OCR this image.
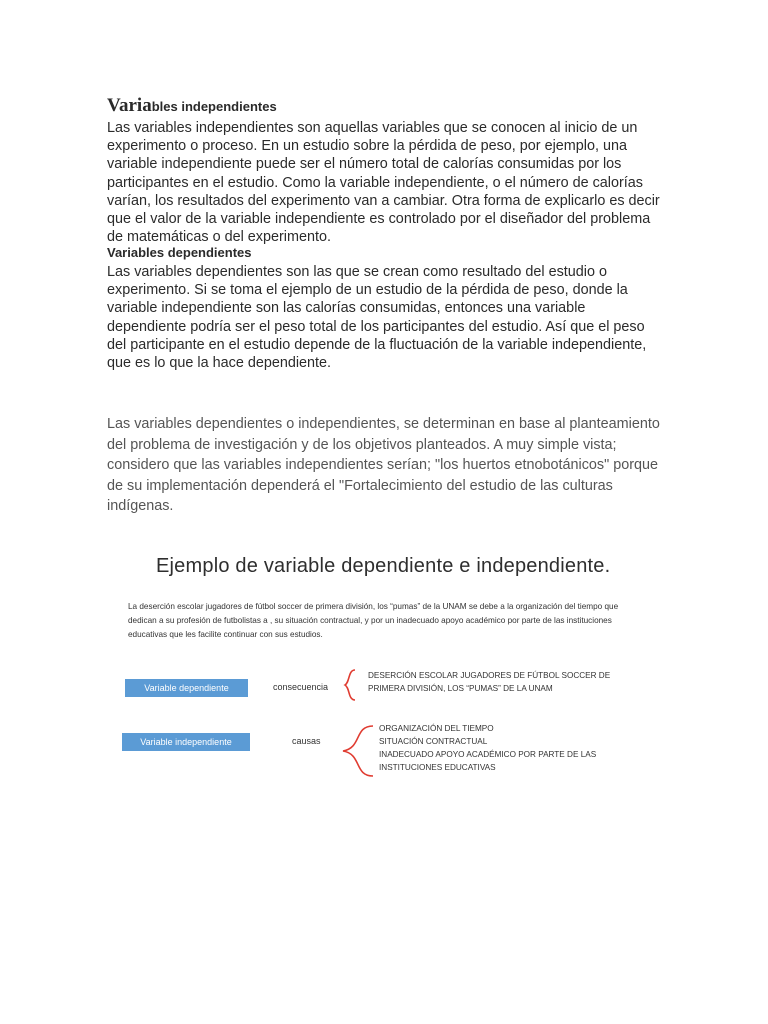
Variables independientes
Las variables independientes son aquellas variables que se conocen al inicio de un experimento o proceso. En un estudio sobre la pérdida de peso, por ejemplo, una variable independiente puede ser el número total de calorías consumidas por los participantes en el estudio. Como la variable independiente, o el número de calorías varían, los resultados del experimento van a cambiar. Otra forma de explicarlo es decir que el valor de la variable independiente es controlado por el diseñador del problema de matemáticas o del experimento.
Variables dependientes
Las variables dependientes son las que se crean como resultado del estudio o experimento. Si se toma el ejemplo de un estudio de la pérdida de peso, donde la variable independiente son las calorías consumidas, entonces una variable dependiente podría ser el peso total de los participantes del estudio. Así que el peso del participante en el estudio depende de la fluctuación de la variable independiente, que es lo que la hace dependiente.
Las variables dependientes o independientes, se determinan en base al planteamiento del problema de investigación y de los objetivos planteados. A muy simple vista; considero que las variables independientes serían; "los huertos etnobotánicos" porque de su implementación dependerá el "Fortalecimiento del estudio de las culturas indígenas.
Ejemplo de variable dependiente e independiente.
La deserción escolar jugadores de fútbol soccer de primera división, los “pumas” de la UNAM se debe a la organización del tiempo que dedican a su profesión de futbolistas a , su situación contractual, y por un inadecuado apoyo académico por parte de las instituciones educativas que les facilite continuar con sus estudios.
Variable dependiente	consecuencia
DESERCIÓN ESCOLAR JUGADORES DE FÚTBOL SOCCER DE
PRIMERA DIVISIÓN, LOS “PUMAS” DE LA UNAM
Variable independiente	causas
ORGANIZACIÓN DEL TIEMPO
SITUACIÓN CONTRACTUAL
INADECUADO APOYO ACADÉMICO POR PARTE DE LAS
INSTITUCIONES EDUCATIVAS
